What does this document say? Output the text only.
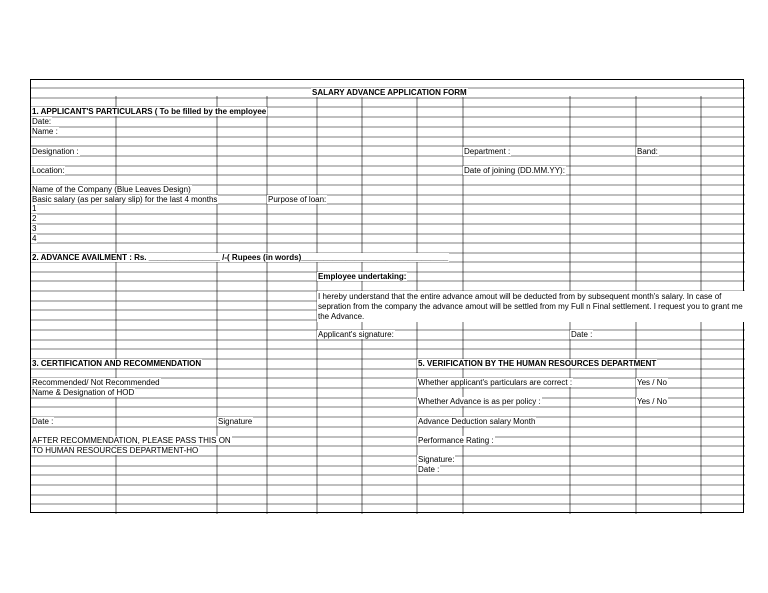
SALARY ADVANCE APPLICATION FORM
1. APPLICANT'S PARTICULARS ( To be filled by the employee
Date:
Name :
Designation :	Department :	Band:
Location:	Date of joining (DD.MM.YY):
Name of the Company (Blue Leaves Design)
Basic salary (as per salary slip) for the last 4 months	Purpose of loan:
1
2
3
4
2. ADVANCE AVAILMENT : Rs. ________________ /-( Rupees (in words)_________________________________
Employee undertaking:
I hereby understand that the entire advance amout will be deducted from by subsequent month's salary. In case of sepration from the company the advance amout will be settled from my Full n Final settlement. I request you to grant me the Advance.
Applicant's signature:	Date :
3. CERTIFICATION AND RECOMMENDATION	5. VERIFICATION BY THE HUMAN RESOURCES DEPARTMENT
Recommended/ Not Recommended	Whether applicant's particulars are correct :	Yes / No
Name & Designation of HOD
Whether Advance is as per policy :	Yes / No
Date :	Signature	Advance Deduction salary Month
AFTER RECOMMENDATION, PLEASE PASS THIS ON	Performance Rating :
TO HUMAN RESOURCES DEPARTMENT-HO
Signature:
Date :
